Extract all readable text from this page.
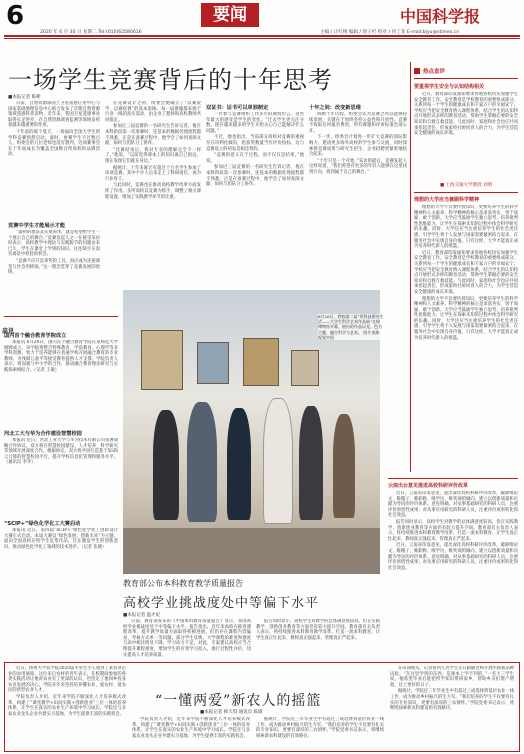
6	要闻	中国科学报
2020 年 6 月 30 日 星期二 Tel:(010)62580616	主编 / 计红梅 编辑 / 唐子杉 校对 / 何工菲 E-mail:bjyu@stimes.cn
一场学生竞赛背后的十年思考
■本报记者 陈彬

日前，自然资源部国土卫星遥感应用中心与国家基础地理信息中心联合发布了首期自然资源领域遥感科普读物。近年来，我国卫星遥感事业取得长足进步，在自然资源调查监测等领域发挥着越来越重要的作用。

十年前的那个夏天，一场面向全国大学生的学科竞赛悄然启动。彼时，参赛学生不过数百人，组委会的几位老师也没有想到，这项赛事会在十年间成长为覆盖全国数百所高校的品牌活动。

竞赛中学生才能展示才能

“最初的想法其实很简单，就是希望给学生一个展示自己的舞台。”竞赛发起人之一在接受采访时表示，高校教学中理论与实践脱节的问题由来已久，学生在课堂上学到的知识，往往缺少在真实场景中检验的机会。

“竞赛不应只是拿奖的工具，而应成为连接课堂与社会的桥梁。”这一理念贯穿了竞赛发展的始终。

在竞赛设计之初，组委会便确立了“以赛促学、以赛促教”的基本思路。每一届赛题都来源于行业一线的真实需求，由企业工程师和高校教师共同拟定。

参加过三届竞赛的一名研究生告诉记者，他在本科阶段第一次参赛时，连基本的数据处理流程都不熟悉，正是在备赛过程中，他学会了如何查阅文献、如何与团队分工协作。

“比赛结束后，我对专业的理解完全不一样了。”他说，“以前觉得课本上的知识离自己很远，现在发现它们就在身边。”

据统计，十年来累计有超过十万名学生参加了该项竞赛，其中不少人后来走上了科研岗位，成为行业骨干。

与此同时，竞赛也在推动高校教学改革方面发挥了作用。多所高校以竞赛为抓手，调整了相关课程设置，增加了实践教学环节的比重。

双证书：证书可以单独制定

一位参与竞赛组织工作多年的教授坦言，这些年最大的感受是学生的变化。“过去学生更关注分数，现在越来越多的学生开始关心自己能解决什么问题。”

不过，他也指出，当前部分高校对竞赛的重视存在功利化倾向，把获奖数量当作评价指标，这与竞赛设立的初衷是相违背的。

“竞赛的意义在于过程，而不仅仅是结果。”他说。

参加过三届竞赛的一名研究生告诉记者，他在本科阶段第一次参赛时，连基本的数据处理流程都不熟悉，正是在备赛过程中，他学会了如何查阅文献、如何与团队分工协作。

十年之间：改变新思维

回顾十年历程，组委会认为竞赛之所以能够持续发展，关键在于始终坚持公益性和开放性。竞赛不收取任何报名费用，所有赛题和评审标准全部公开。

下一步，组委会计划进一步扩大竞赛的国际影响力，邀请更多海外高校的学生参与交流，同时探索将竞赛成果与研究生招生、企业招聘更紧密地结合起来。

“十年只是一个开始。”采访的最后，竞赛发起人这样说道，“我们希望有更多的年轻人能够在这里找到方向，找到属于自己的舞台。”

热点直评
要重视学生安全与认知结构相关

近日，教育部印发通知要求各地各校切实加强学生安全教育工作。安全教育是学校教育的重要组成部分，关系到每一个学生的健康成长和千家万户的幸福安宁。学校应当把安全教育纳入课程体系，结合学生的认知特点开展形式多样的教育活动，帮助学生掌握必要的安全知识和自救互救技能。与此同时，家庭和社会也应共同承担起责任，形成家校社协同育人的合力，为学生营造安全健康的成长环境。

■ 上海交通大学教授 刘明
理想的大学应当兼顾科学精神

理想的大学不仅要传授知识，更要培养学生的科学精神和人文素养。科学精神的核心是求真务实、勇于质疑、敢于创新。大学应当鼓励学生独立思考，培养批判性思维能力，让学生在探索未知的过程中体会科学研究的乐趣。同时，大学还应当注重培养学生的社会责任感，引导学生将个人发展与国家需要紧密结合起来，在服务社会中实现自身价值。只有这样，大学才能真正成为培养时代新人的摇篮。

近日，教育部印发通知要求各地各校切实加强学生安全教育工作。安全教育是学校教育的重要组成部分，关系到每一个学生的健康成长和千家万户的幸福安宁。学校应当把安全教育纳入课程体系，结合学生的认知特点开展形式多样的教育活动，帮助学生掌握必要的安全知识和自救互救技能。与此同时，家庭和社会也应共同承担起责任，形成家校社协同育人的合力，为学生营造安全健康的成长环境。

理想的大学不仅要传授知识，更要培养学生的科学精神和人文素养。科学精神的核心是求真务实、勇于质疑、敢于创新。大学应当鼓励学生独立思考，培养批判性思维能力，让学生在探索未知的过程中体会科学研究的乐趣。同时，大学还应当注重培养学生的社会责任感，引导学生将个人发展与国家需要紧密结合起来，在服务社会中实现自身价值。只有这样，大学才能真正成为培养时代新人的摇篮。

云南出台意见推进高校科研评价改革

近日，云南省印发意见，提出深化高校科研评价改革，破除唯论文、唯帽子、唯职称、唯学历、唯奖项的倾向，建立以创新质量和贡献为导向的评价体系。意见明确，对从事基础研究的科研人员，注重评价原创性成果；对从事应用研究的科研人员，注重评价成果转化和社会效益。

报告同时显示，高校学生对教学的总体满意度较高，但在实践教学、创新创业教育等方面仍有较大提升空间。教育部有关负责人表示，将持续推进本科教育教学改革，打造一流本科教育，让学生真正忙起来、教师真正强起来、管理真正严起来。

近日，云南省印发意见，提出深化高校科研评价改革，破除唯论文、唯帽子、唯职称、唯学历、唯奖项的倾向，建立以创新质量和贡献为导向的评价体系。意见明确，对从事基础研究的科研人员，注重评价原创性成果；对从事应用研究的科研人员，注重评价成果转化和社会效益。

高讯
国内首个融合教育学院成立

本报讯 6月28日，国内首个融合教育学院在某师范大学揭牌成立。该学院将整合特殊教育、学前教育、心理学等多学科资源，致力于培养能够在普通学校开展融合教育的专业教师，为残障儿童平等接受教育提供人才支撑。学院负责人表示，将加强与中小学的合作，推动融合教育理论研究与实践探索相结合。（记者 王敏）

河北工大与华为合作建设智慧校园

本报讯 近日，河北工业大学与华为技术有限公司签署战略合作协议，双方将在智慧校园建设、人才培养、科学研究等领域开展深度合作。根据协议，双方将共同打造基于5G和云计算的智慧校园平台，提升学校信息化管理和服务水平。（通讯员 李华）

“SCIP+”绿色化学化工大赛启动

本报讯 近日，第四届“SCIP+”绿色化学化工创新设计大赛正式启动。本届大赛以“绿色发展、创新未来”为主题，面向全国高校在校学生征集作品，旨在激发学生的创新意识，推动绿色化学化工领域的技术进步。（记者 张晓）

6月26日，我校第二届“用科技照亮生活——大学生科学艺术作品展”在校博物馆开幕，展出的作品以光、色为主题，融合科学与艺术。 图片来源：视觉中国
教育部公布本科教育教学质量报告
高校学业挑战度处中等偏下水平
■本报记者 温才妃

日前，教育部发布的《中国本科教育质量报告》显示，我国高校学业挑战度处于中等偏下水平。报告指出，近年来高校在推进课程改革、提升教学质量方面取得积极进展，但仍存在课程内容偏易、考核方式单一等问题。部分学生反映，大学课程的难度和强度与高中相比明显下降，学习动力不足。对此，专家建议高校应当合理提升课程难度，增加学生的有效学习投入，推行过程性评价，切实提高人才培养质量。

报告同时显示，高校学生对教学的总体满意度较高，但在实践教学、创新创业教育等方面仍有较大提升空间。教育部有关负责人表示，将持续推进本科教育教学改革，打造一流本科教育，让学生真正忙起来、教师真正强起来、管理真正严起来。

“一懂两爱”新农人的摇篮
■本报记者 韩天琪 通讯员 陈瑜

近日，扬州大学农学院2020届毕业生小王收到了某农业企业的录用通知。这位来自农村的青年表示，在校期间参加的各类实践活动让他对农业有了更深的认识，也坚定了他回乡投身农业发展的决心。学院多年来坚持培养懂农业、爱农村、爱农民的新型农业人才。

学院负责人介绍，近年来学院不断深化人才培养模式改革，构建了“课堂教学+田间实践+创新创业”三位一体的培养体系，让学生在真实的农业生产环境中学习成长。学院还与多家农业龙头企业共建实习基地，为学生提供丰富的实践机会。

学院负责人介绍，近年来学院不断深化人才培养模式改革，构建了“课堂教学+田间实践+创新创业”三位一体的培养体系，让学生在真实的农业生产环境中学习成长。学院还与多家农业龙头企业共建实习基地，为学生提供丰富的实践机会。

据统计，学院近三年毕业生中有超过三成选择到基层农业一线工作，成为推动乡村振兴的生力军。“我们培养的学生不仅要有扎实的专业知识，更要有深厚的三农情怀。”学院党委书记表示，将继续探索新农科建设的有效路径。

在田间地头，记者看到几名学生正在跟随老师开展水稻新品种试验。“在这里学到的东西，是课本上学不到的。”一名大三学生说，他希望毕业后能把所学知识带回家乡，帮助乡亲们增产增收，过上更好的日子。

据统计，学院近三年毕业生中有超过三成选择到基层农业一线工作，成为推动乡村振兴的生力军。“我们培养的学生不仅要有扎实的专业知识，更要有深厚的三农情怀。”学院党委书记表示，将继续探索新农科建设的有效路径。
